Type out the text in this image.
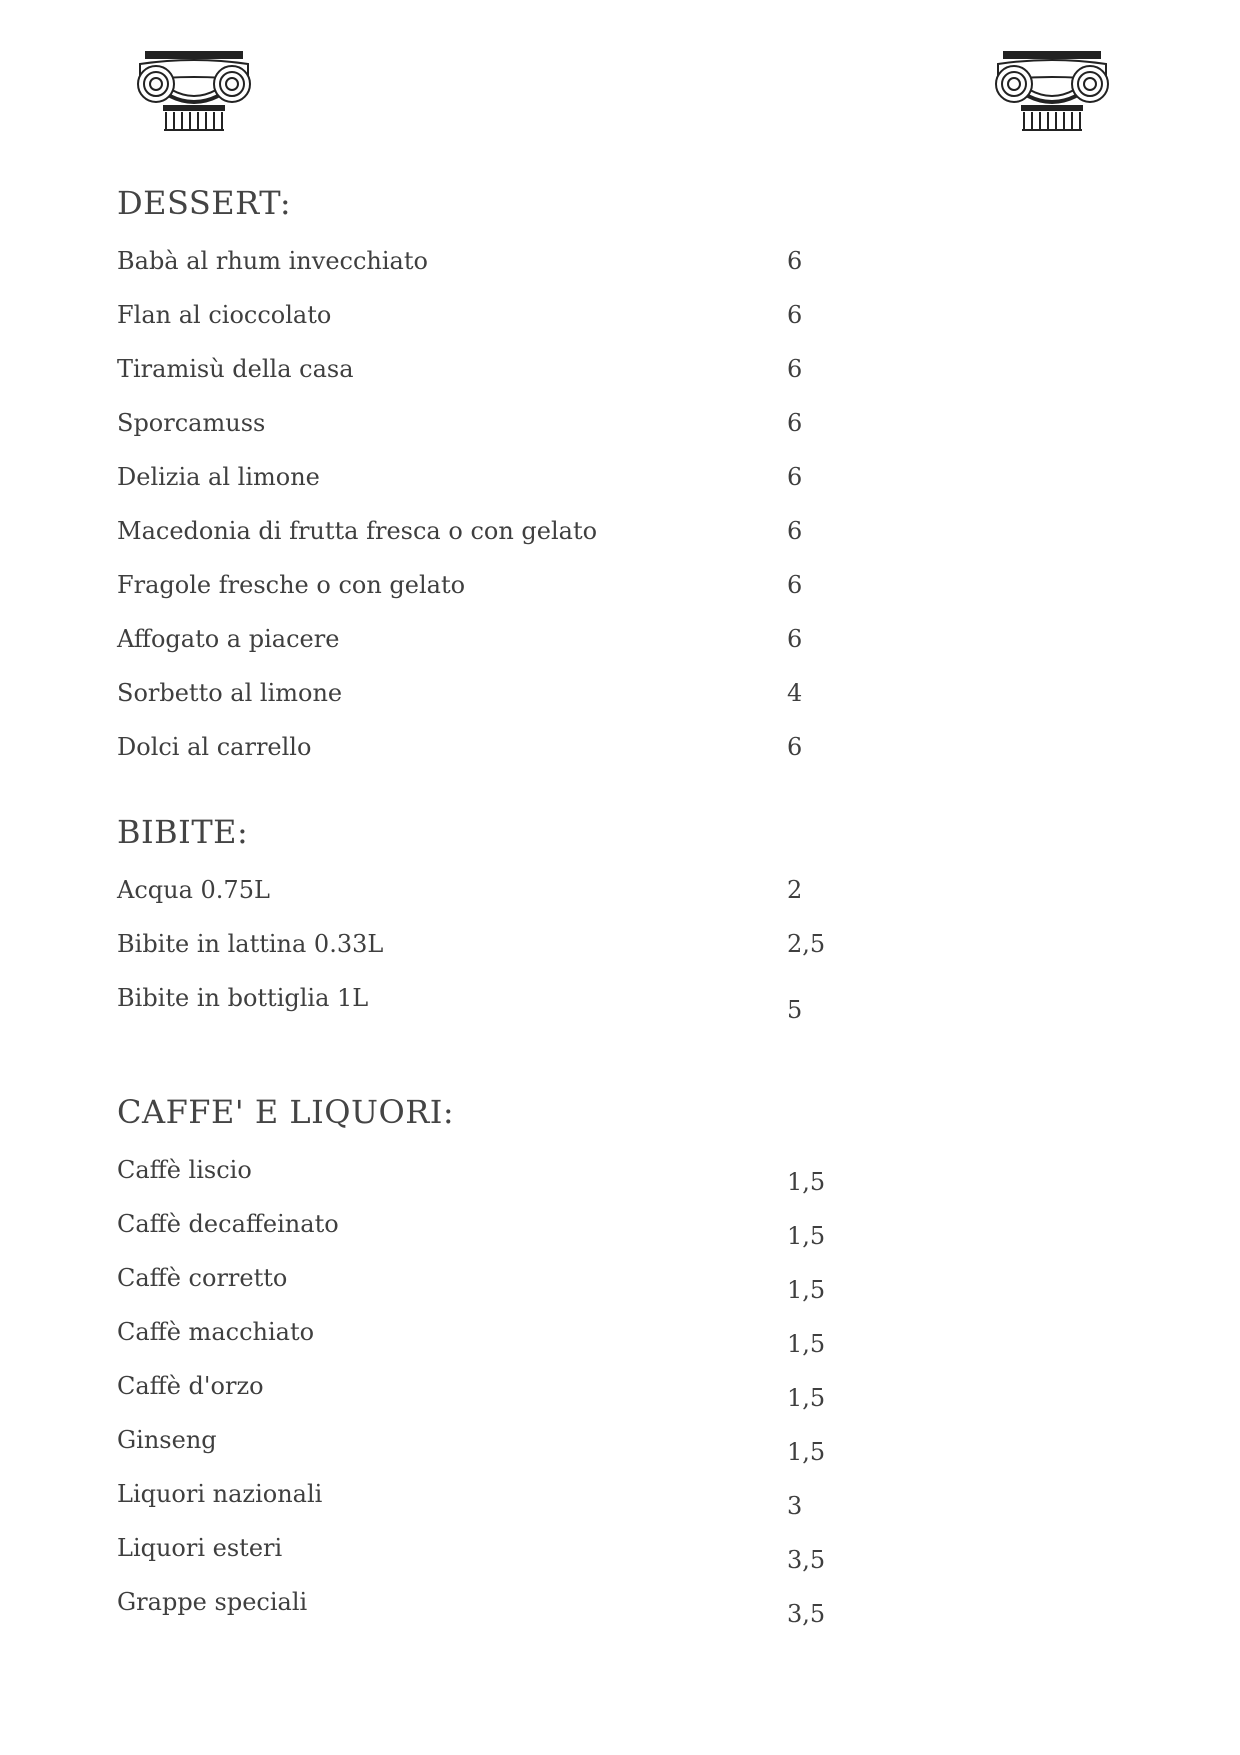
DESSERT:
Babà al rhum invecchiato	6
Flan al cioccolato	6
Tiramisù della casa	6
Sporcamuss	6
Delizia al limone	6
Macedonia di frutta fresca o con gelato	6
Fragole fresche o con gelato	6
Affogato a piacere	6
Sorbetto al limone	4
Dolci al carrello	6
BIBITE:
Acqua 0.75L	2
Bibite in lattina 0.33L	2,5
Bibite in bottiglia 1L	5
CAFFE' E LIQUORI:
Caffè liscio	1,5
Caffè decaffeinato	1,5
Caffè corretto	1,5
Caffè macchiato	1,5
Caffè d'orzo	1,5
Ginseng	1,5
Liquori nazionali	3
Liquori esteri	3,5
Grappe speciali	3,5
